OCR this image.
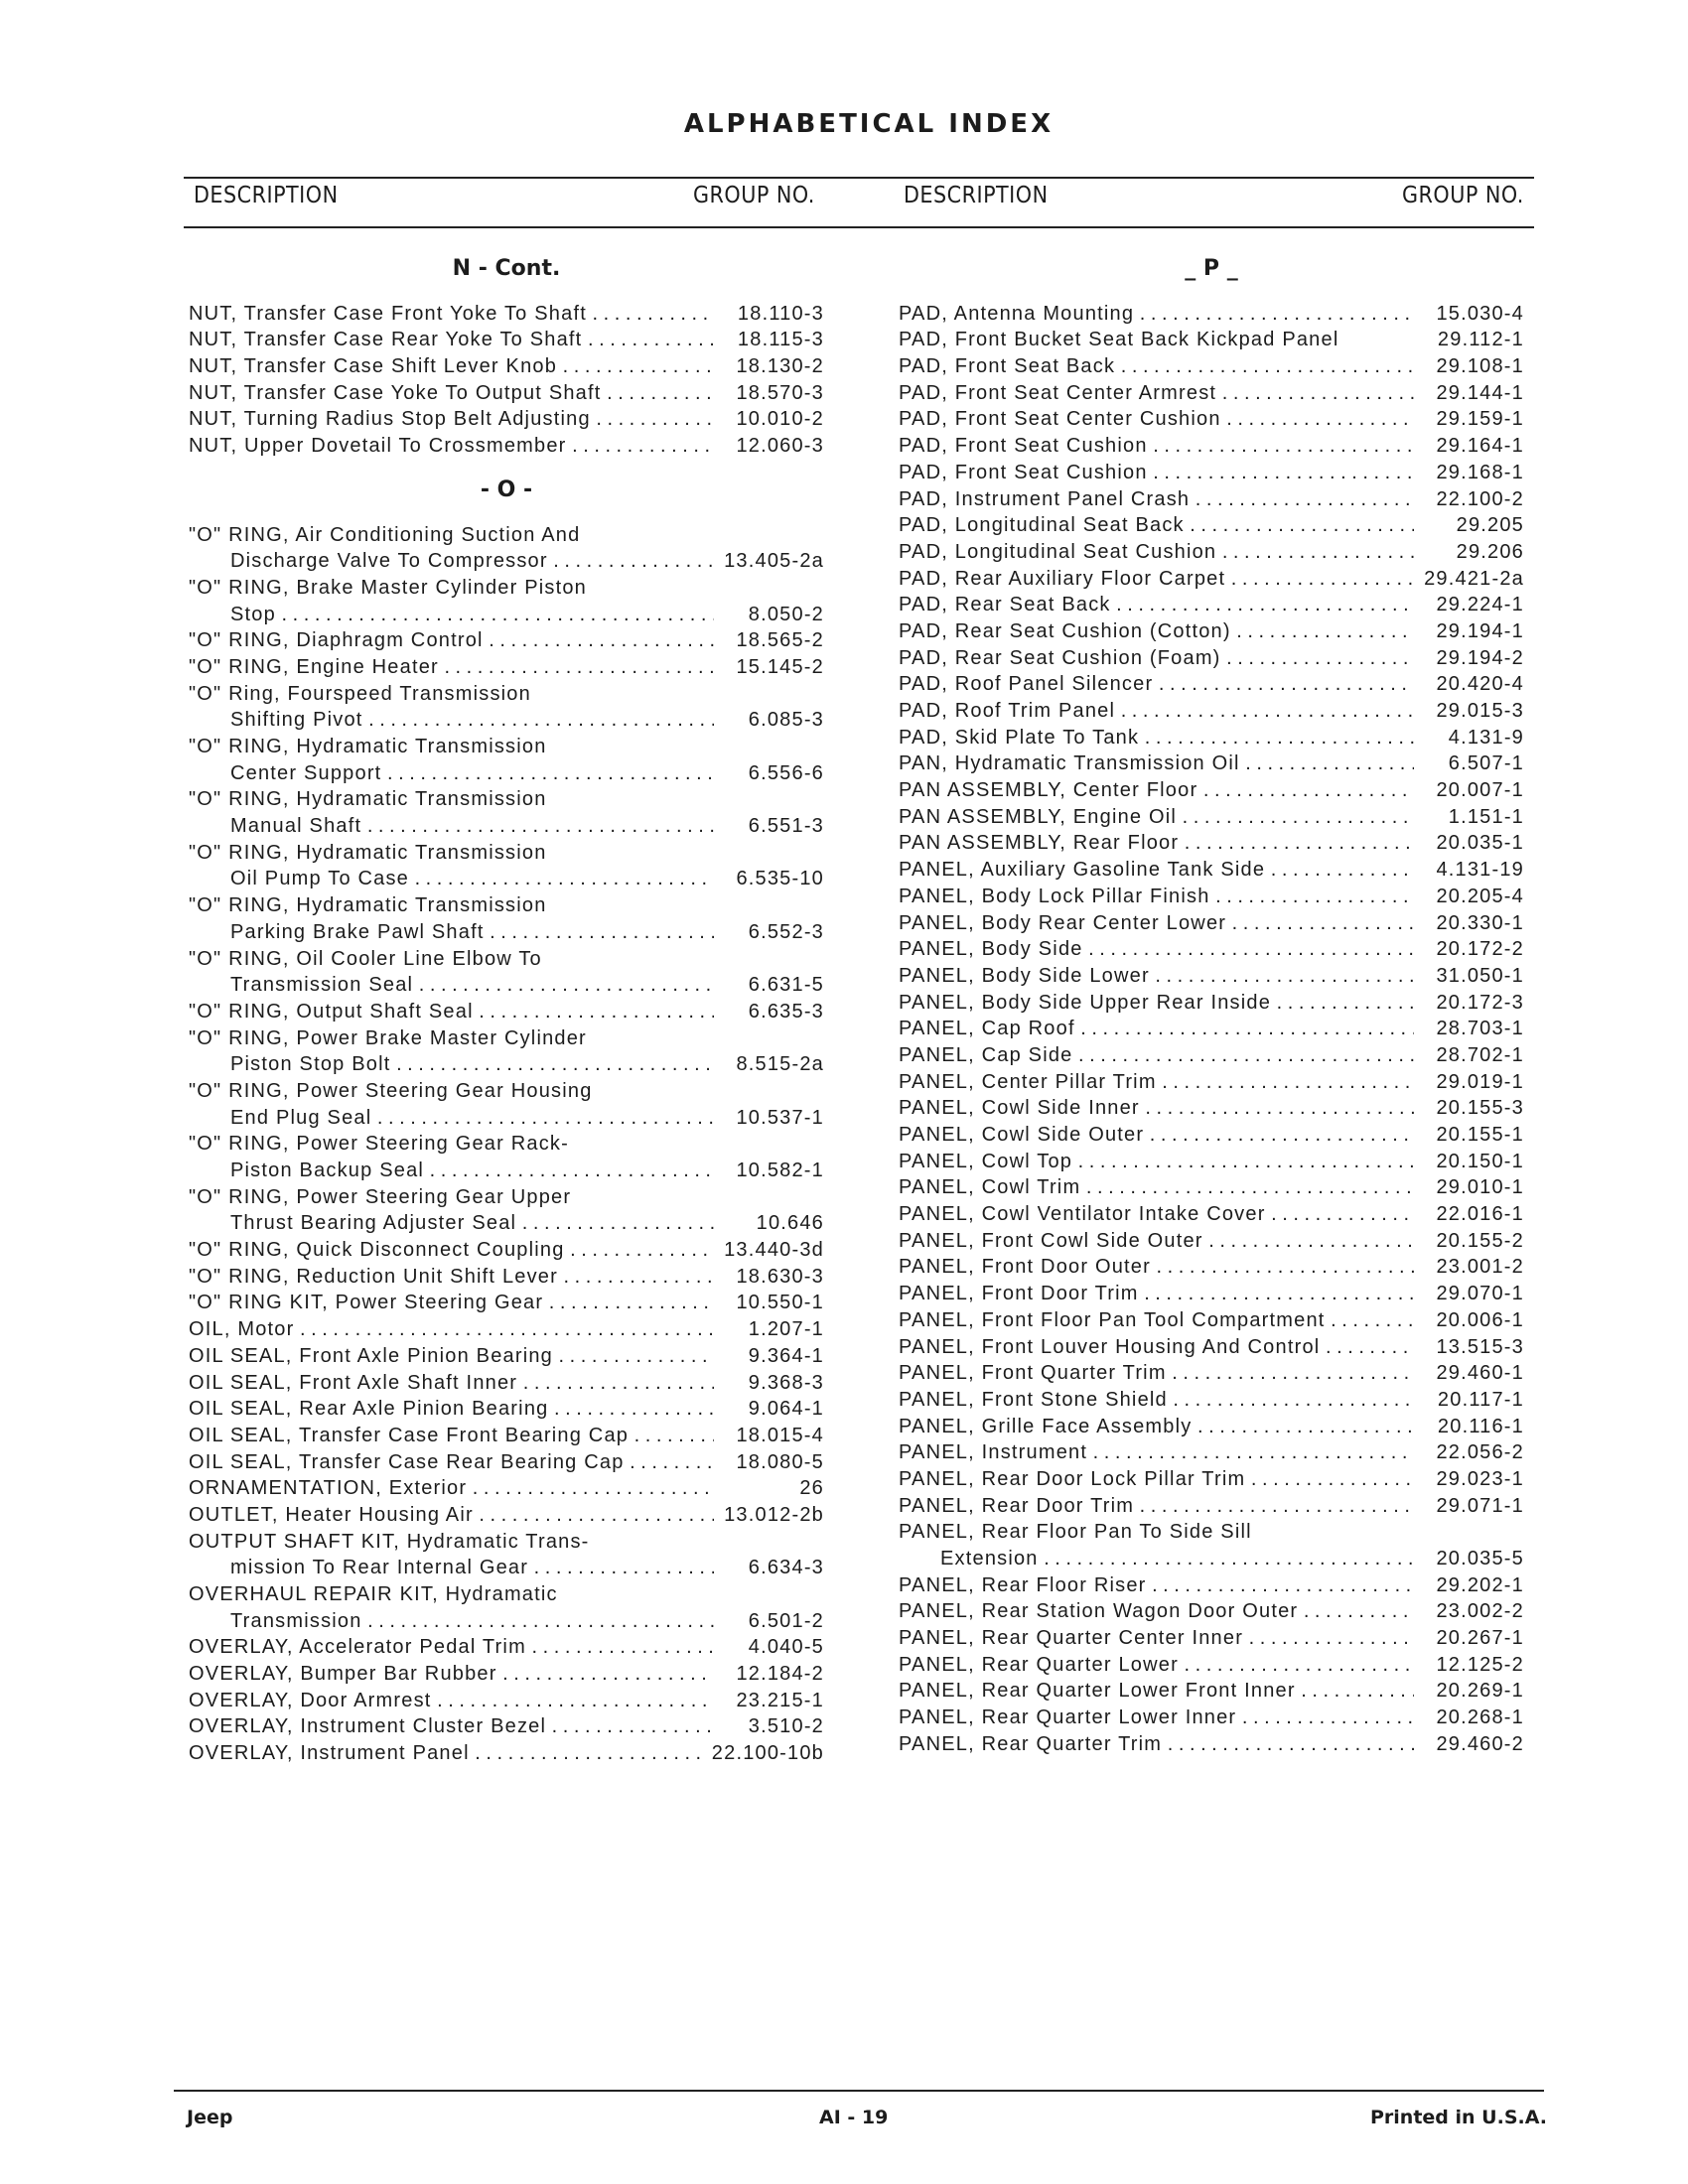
ALPHABETICAL INDEX
DESCRIPTION	GROUP NO.	DESCRIPTION	GROUP NO.
N - Cont.
NUT, Transfer Case Front Yoke To Shaft . . .	18.110-3
NUT, Transfer Case Rear Yoke To Shaft . . .	18.115-3
NUT, Transfer Case Shift Lever Knob . . .	18.130-2
NUT, Transfer Case Yoke To Output Shaft . . .	18.570-3
NUT, Turning Radius Stop Belt Adjusting . . .	10.010-2
NUT, Upper Dovetail To Crossmember . . .	12.060-3
- O -
"O" RING, Air Conditioning Suction And
Discharge Valve To Compressor . . .	13.405-2a
"O" RING, Brake Master Cylinder Piston
Stop . . .	8.050-2
"O" RING, Diaphragm Control . . .	18.565-2
"O" RING, Engine Heater . . .	15.145-2
"O" Ring, Fourspeed Transmission
Shifting Pivot . . .	6.085-3
"O" RING, Hydramatic Transmission
Center Support . . .	6.556-6
"O" RING, Hydramatic Transmission
Manual Shaft . . .	6.551-3
"O" RING, Hydramatic Transmission
Oil Pump To Case . . .	6.535-10
"O" RING, Hydramatic Transmission
Parking Brake Pawl Shaft . . .	6.552-3
"O" RING, Oil Cooler Line Elbow To
Transmission Seal . . .	6.631-5
"O" RING, Output Shaft Seal . . .	6.635-3
"O" RING, Power Brake Master Cylinder
Piston Stop Bolt . . .	8.515-2a
"O" RING, Power Steering Gear Housing
End Plug Seal . . .	10.537-1
"O" RING, Power Steering Gear Rack-
Piston Backup Seal . . .	10.582-1
"O" RING, Power Steering Gear Upper
Thrust Bearing Adjuster Seal . . .	10.646
"O" RING, Quick Disconnect Coupling . . .	13.440-3d
"O" RING, Reduction Unit Shift Lever . . .	18.630-3
"O" RING KIT, Power Steering Gear . . .	10.550-1
OIL, Motor . . .	1.207-1
OIL SEAL, Front Axle Pinion Bearing . . .	9.364-1
OIL SEAL, Front Axle Shaft Inner . . .	9.368-3
OIL SEAL, Rear Axle Pinion Bearing . . .	9.064-1
OIL SEAL, Transfer Case Front Bearing Cap . . .	18.015-4
OIL SEAL, Transfer Case Rear Bearing Cap . . .	18.080-5
ORNAMENTATION, Exterior . . .	26
OUTLET, Heater Housing Air . . .	13.012-2b
OUTPUT SHAFT KIT, Hydramatic Trans-
mission To Rear Internal Gear . . .	6.634-3
OVERHAUL REPAIR KIT, Hydramatic
Transmission . . .	6.501-2
OVERLAY, Accelerator Pedal Trim . . .	4.040-5
OVERLAY, Bumper Bar Rubber . . .	12.184-2
OVERLAY, Door Armrest . . .	23.215-1
OVERLAY, Instrument Cluster Bezel . . .	3.510-2
OVERLAY, Instrument Panel . . .	22.100-10b
_ P _
PAD, Antenna Mounting . . .	15.030-4
PAD, Front Bucket Seat Back Kickpad Panel	29.112-1
PAD, Front Seat Back . . .	29.108-1
PAD, Front Seat Center Armrest . . .	29.144-1
PAD, Front Seat Center Cushion . . .	29.159-1
PAD, Front Seat Cushion . . .	29.164-1
PAD, Front Seat Cushion . . .	29.168-1
PAD, Instrument Panel Crash . . .	22.100-2
PAD, Longitudinal Seat Back . . .	29.205
PAD, Longitudinal Seat Cushion . . .	29.206
PAD, Rear Auxiliary Floor Carpet . . .	29.421-2a
PAD, Rear Seat Back . . .	29.224-1
PAD, Rear Seat Cushion (Cotton) . . .	29.194-1
PAD, Rear Seat Cushion (Foam) . . .	29.194-2
PAD, Roof Panel Silencer . . .	20.420-4
PAD, Roof Trim Panel . . .	29.015-3
PAD, Skid Plate To Tank . . .	4.131-9
PAN, Hydramatic Transmission Oil . . .	6.507-1
PAN ASSEMBLY, Center Floor . . .	20.007-1
PAN ASSEMBLY, Engine Oil . . .	1.151-1
PAN ASSEMBLY, Rear Floor . . .	20.035-1
PANEL, Auxiliary Gasoline Tank Side . . .	4.131-19
PANEL, Body Lock Pillar Finish . . .	20.205-4
PANEL, Body Rear Center Lower . . .	20.330-1
PANEL, Body Side . . .	20.172-2
PANEL, Body Side Lower . . .	31.050-1
PANEL, Body Side Upper Rear Inside . . .	20.172-3
PANEL, Cap Roof . . .	28.703-1
PANEL, Cap Side . . .	28.702-1
PANEL, Center Pillar Trim . . .	29.019-1
PANEL, Cowl Side Inner . . .	20.155-3
PANEL, Cowl Side Outer . . .	20.155-1
PANEL, Cowl Top . . .	20.150-1
PANEL, Cowl Trim . . .	29.010-1
PANEL, Cowl Ventilator Intake Cover . . .	22.016-1
PANEL, Front Cowl Side Outer . . .	20.155-2
PANEL, Front Door Outer . . .	23.001-2
PANEL, Front Door Trim . . .	29.070-1
PANEL, Front Floor Pan Tool Compartment . . .	20.006-1
PANEL, Front Louver Housing And Control . . .	13.515-3
PANEL, Front Quarter Trim . . .	29.460-1
PANEL, Front Stone Shield . . .	20.117-1
PANEL, Grille Face Assembly . . .	20.116-1
PANEL, Instrument . . .	22.056-2
PANEL, Rear Door Lock Pillar Trim . . .	29.023-1
PANEL, Rear Door Trim . . .	29.071-1
PANEL, Rear Floor Pan To Side Sill
Extension . . .	20.035-5
PANEL, Rear Floor Riser . . .	29.202-1
PANEL, Rear Station Wagon Door Outer . . .	23.002-2
PANEL, Rear Quarter Center Inner . . .	20.267-1
PANEL, Rear Quarter Lower . . .	12.125-2
PANEL, Rear Quarter Lower Front Inner . . .	20.269-1
PANEL, Rear Quarter Lower Inner . . .	20.268-1
PANEL, Rear Quarter Trim . . .	29.460-2
Jeep	AI - 19	Printed in U.S.A.
